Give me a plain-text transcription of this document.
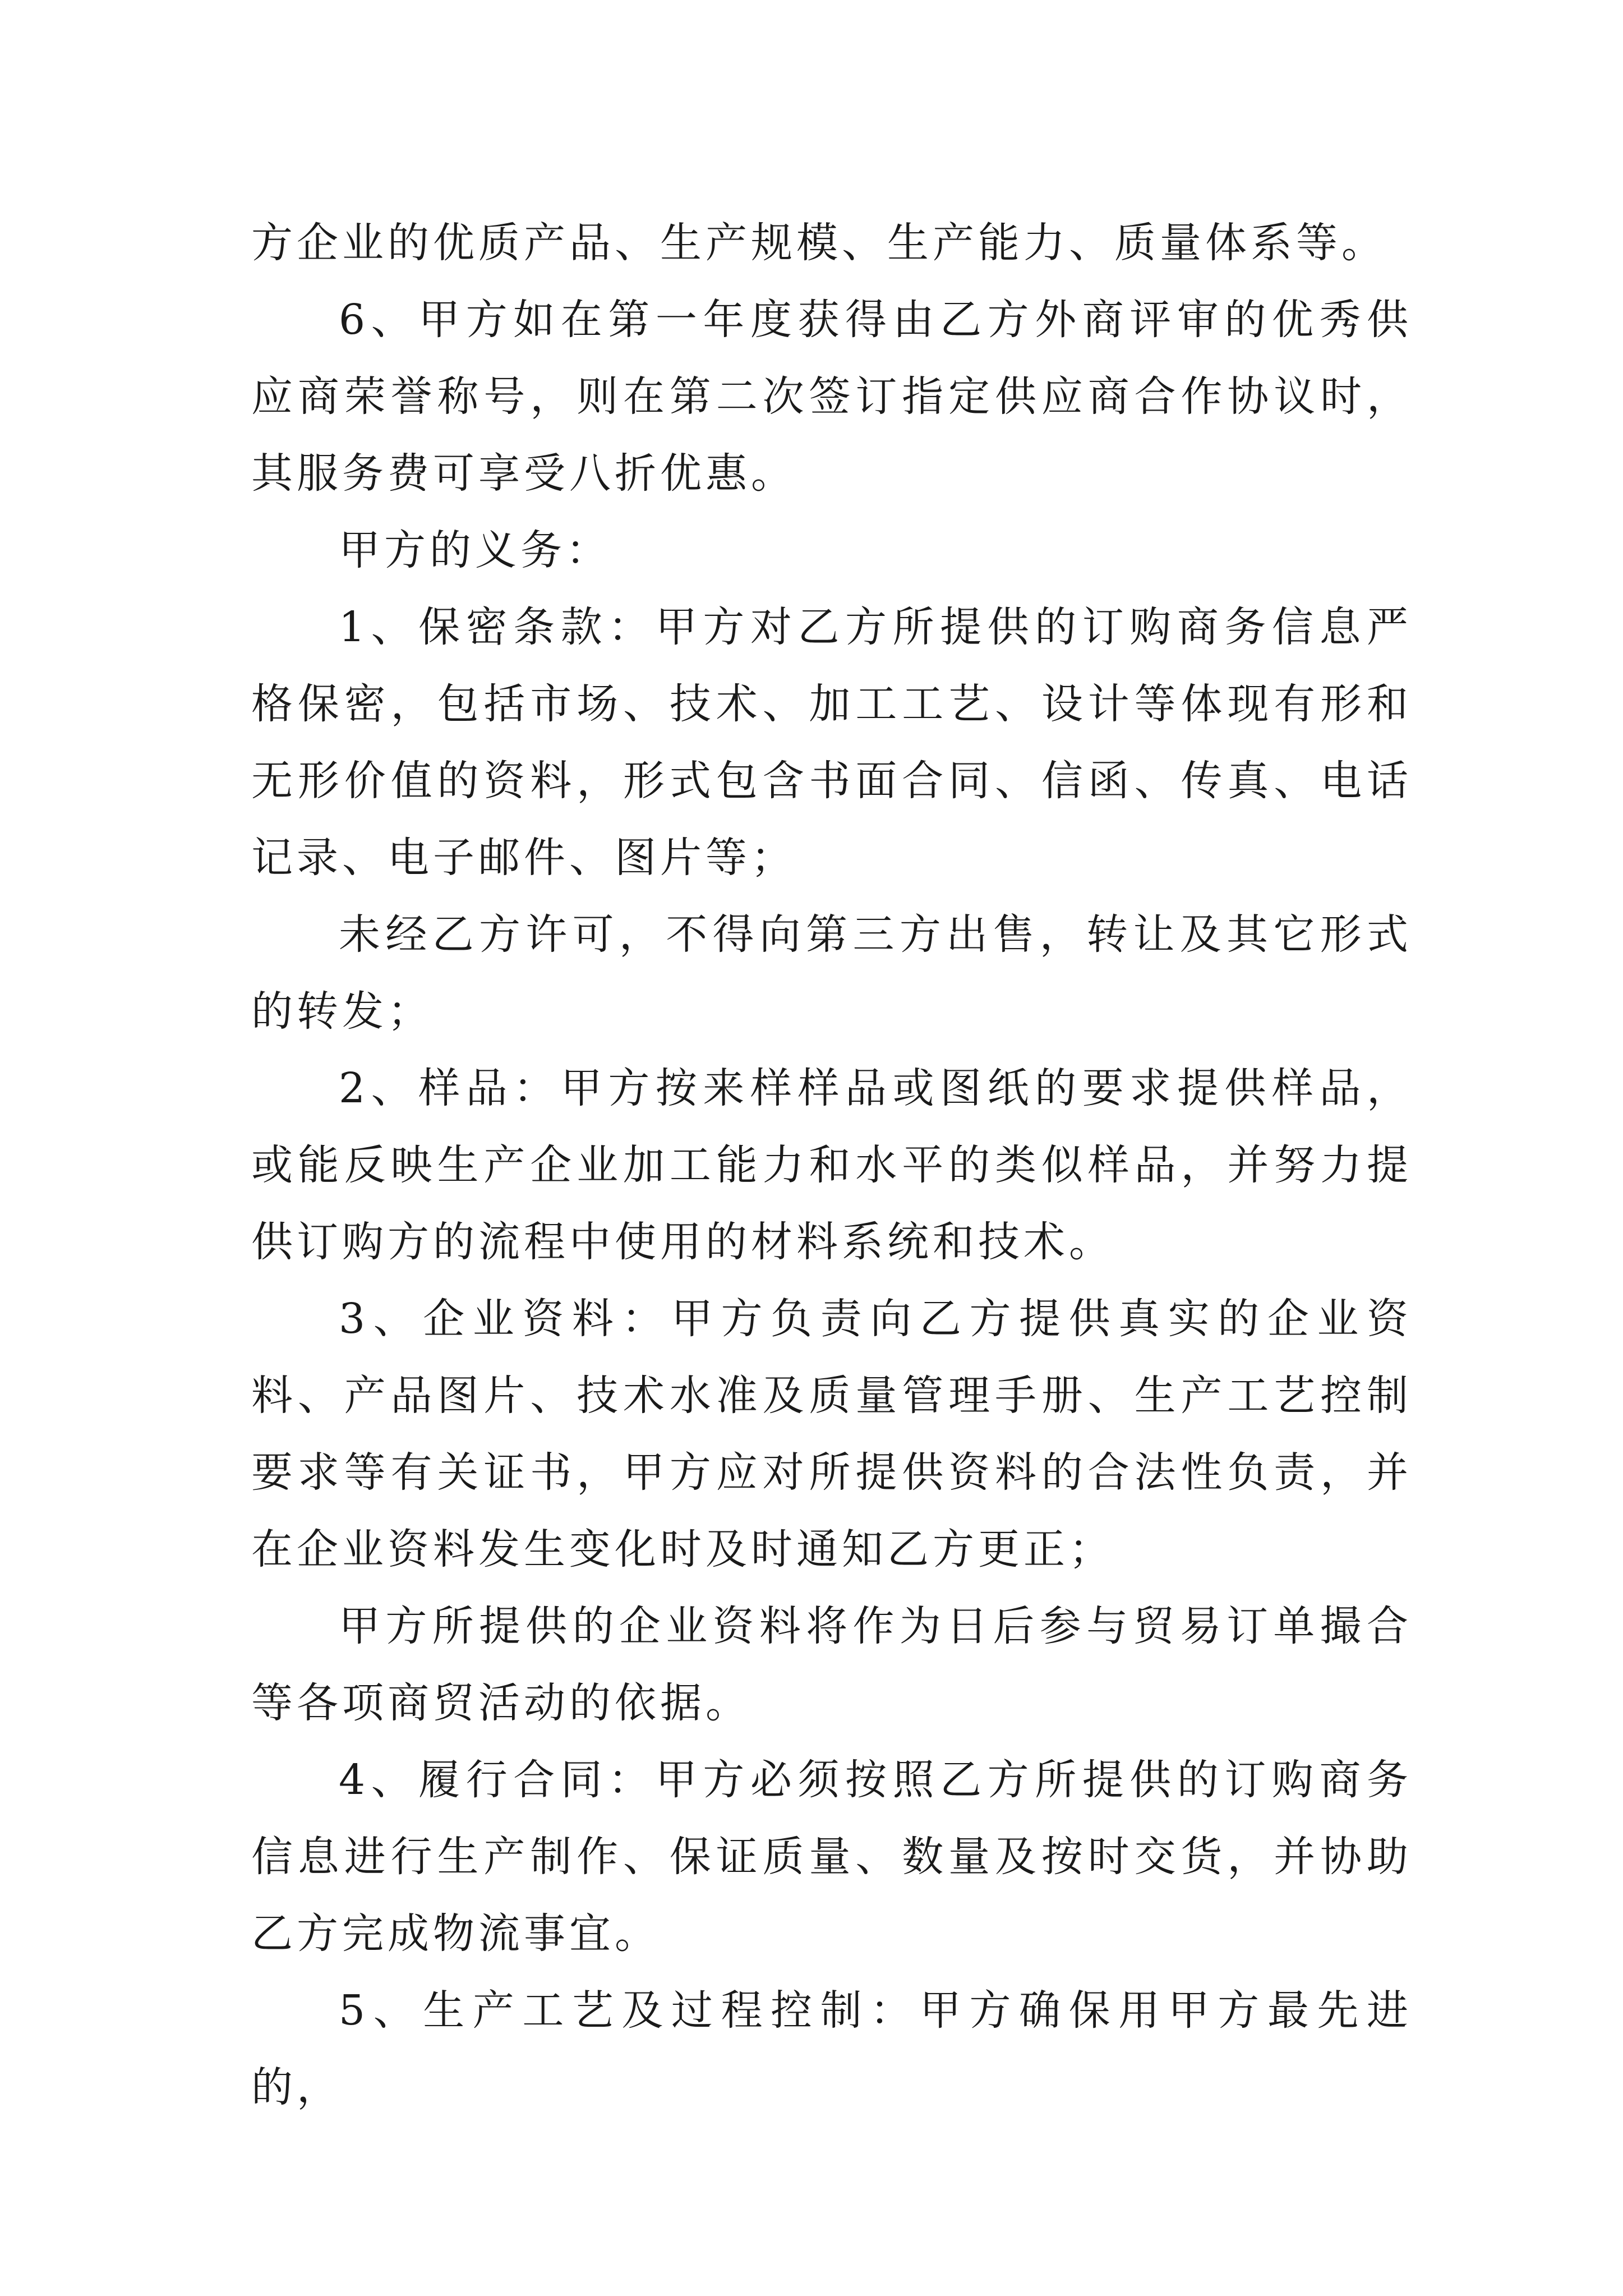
方企业的优质产品、生产规模、生产能力、质量体系等。

6、甲方如在第一年度获得由乙方外商评审的优秀供应商荣誉称号，则在第二次签订指定供应商合作协议时，其服务费可享受八折优惠。

甲方的义务：

1、保密条款：甲方对乙方所提供的订购商务信息严格保密，包括市场、技术、加工工艺、设计等体现有形和无形价值的资料，形式包含书面合同、信函、传真、电话记录、电子邮件、图片等；

未经乙方许可，不得向第三方出售，转让及其它形式的转发；

2、样品：甲方按来样样品或图纸的要求提供样品，或能反映生产企业加工能力和水平的类似样品，并努力提供订购方的流程中使用的材料系统和技术。

3、企业资料：甲方负责向乙方提供真实的企业资料、产品图片、技术水准及质量管理手册、生产工艺控制要求等有关证书，甲方应对所提供资料的合法性负责，并在企业资料发生变化时及时通知乙方更正；

甲方所提供的企业资料将作为日后参与贸易订单撮合等各项商贸活动的依据。

4、履行合同：甲方必须按照乙方所提供的订购商务信息进行生产制作、保证质量、数量及按时交货，并协助乙方完成物流事宜。

5、生产工艺及过程控制：甲方确保用甲方最先进的，
